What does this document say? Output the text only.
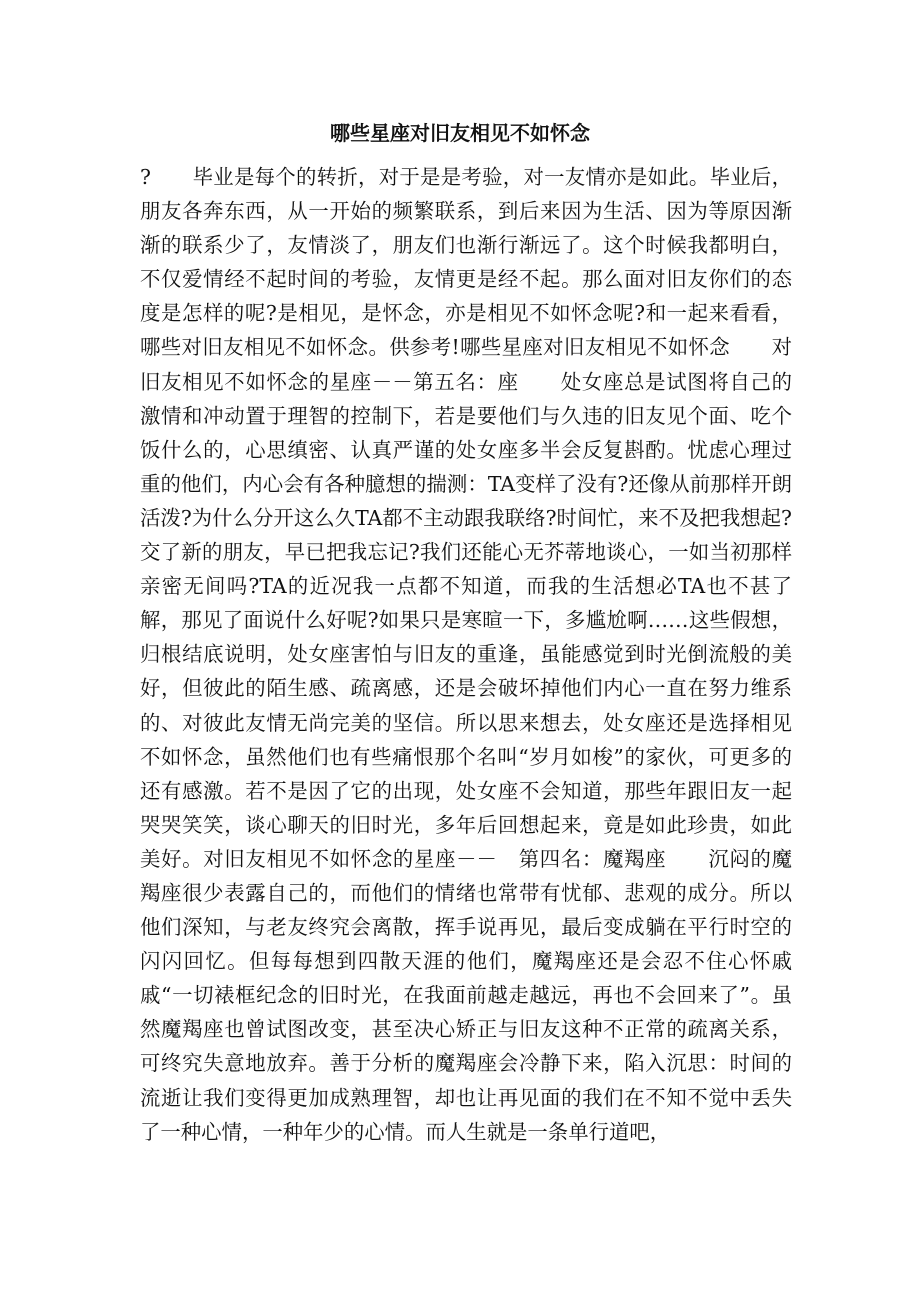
哪些星座对旧友相见不如怀念

?　　毕业是每个的转折，对于是是考验，对一友情亦是如此。毕业后，朋友各奔东西，从一开始的频繁联系，到后来因为生活、因为等原因渐渐的联系少了，友情淡了，朋友们也渐行渐远了。这个时候我都明白，不仅爱情经不起时间的考验，友情更是经不起。那么面对旧友你们的态度是怎样的呢?是相见，是怀念，亦是相见不如怀念呢?和一起来看看，哪些对旧友相见不如怀念。供参考!哪些星座对旧友相见不如怀念　　对旧友相见不如怀念的星座－－第五名：座　　处女座总是试图将自己的激情和冲动置于理智的控制下，若是要他们与久违的旧友见个面、吃个饭什么的，心思缜密、认真严谨的处女座多半会反复斟酌。忧虑心理过重的他们，内心会有各种臆想的揣测：TA变样了没有?还像从前那样开朗活泼?为什么分开这么久TA都不主动跟我联络?时间忙，来不及把我想起?交了新的朋友，早已把我忘记?我们还能心无芥蒂地谈心，一如当初那样亲密无间吗?TA的近况我一点都不知道，而我的生活想必TA也不甚了解，那见了面说什么好呢?如果只是寒暄一下，多尴尬啊……这些假想，归根结底说明，处女座害怕与旧友的重逢，虽能感觉到时光倒流般的美好，但彼此的陌生感、疏离感，还是会破坏掉他们内心一直在努力维系的、对彼此友情无尚完美的坚信。所以思来想去，处女座还是选择相见不如怀念，虽然他们也有些痛恨那个名叫“岁月如梭”的家伙，可更多的还有感激。若不是因了它的出现，处女座不会知道，那些年跟旧友一起哭哭笑笑，谈心聊天的旧时光，多年后回想起来，竟是如此珍贵，如此美好。对旧友相见不如怀念的星座－－　第四名：魔羯座　　沉闷的魔羯座很少表露自己的，而他们的情绪也常带有忧郁、悲观的成分。所以他们深知，与老友终究会离散，挥手说再见，最后变成躺在平行时空的闪闪回忆。但每每想到四散天涯的他们，魔羯座还是会忍不住心怀戚戚“一切裱框纪念的旧时光，在我面前越走越远，再也不会回来了”。虽然魔羯座也曾试图改变，甚至决心矫正与旧友这种不正常的疏离关系，可终究失意地放弃。善于分析的魔羯座会冷静下来，陷入沉思：时间的流逝让我们变得更加成熟理智，却也让再见面的我们在不知不觉中丢失了一种心情，一种年少的心情。而人生就是一条单行道吧，
